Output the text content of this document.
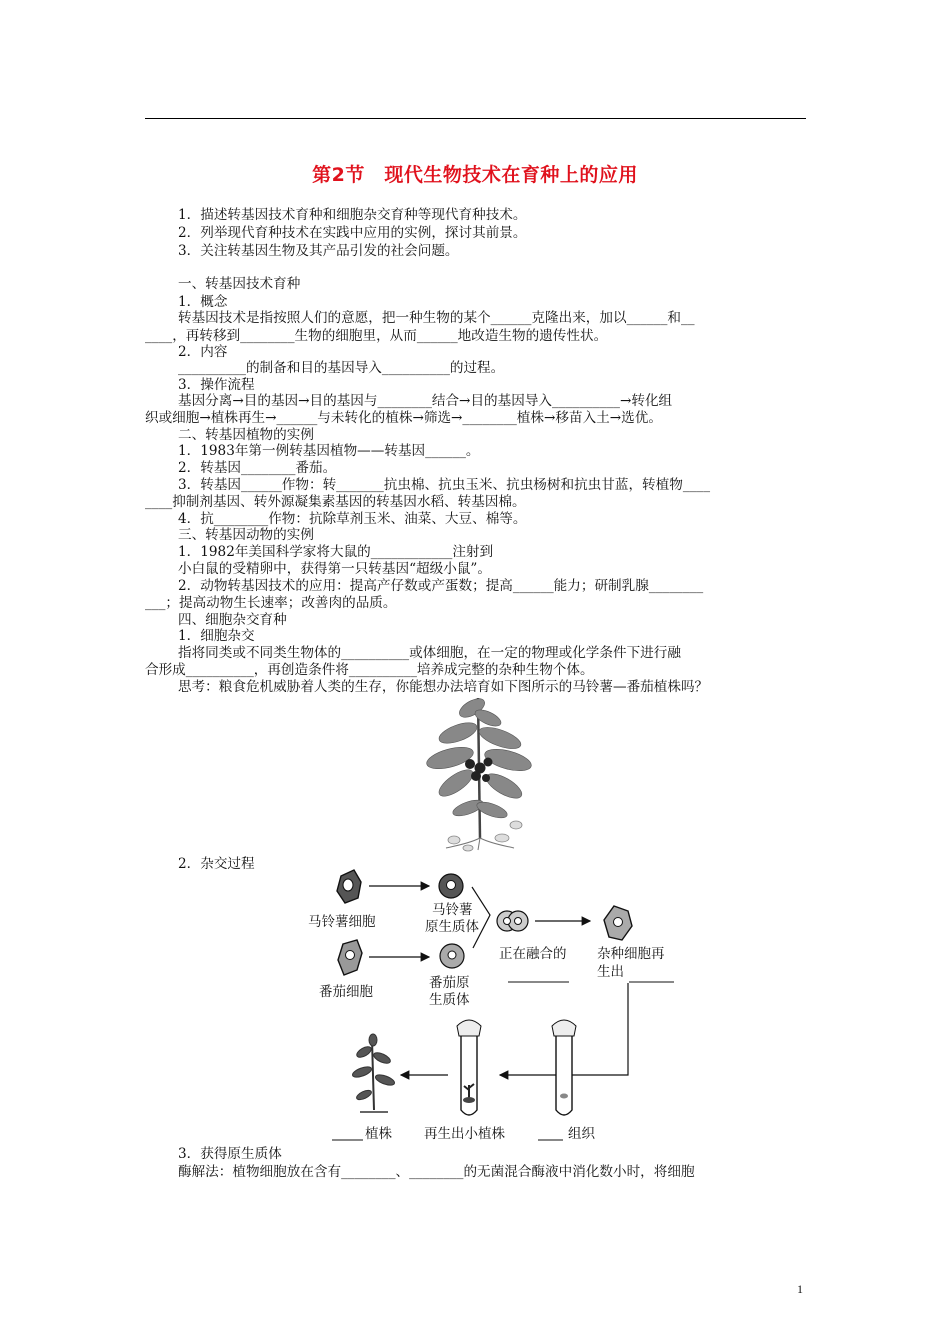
第2节　现代生物技术在育种上的应用
1．描述转基因技术育种和细胞杂交育种等现代育种技术。
2．列举现代育种技术在实践中应用的实例，探讨其前景。
3．关注转基因生物及其产品引发的社会问题。
一、转基因技术育种
1．概念
转基因技术是指按照人们的意愿，把一种生物的某个______克隆出来，加以______和__
____，再转移到________生物的细胞里，从而______地改造生物的遗传性状。
2．内容
__________的制备和目的基因导入__________的过程。
3．操作流程
基因分离→目的基因→目的基因与________结合→目的基因导入__________→转化组
织或细胞→植株再生→______与未转化的植株→筛选→________植株→移苗入土→选优。
二、转基因植物的实例
1．1983年第一例转基因植物——转基因______。
2．转基因________番茄。
3．转基因______作物：转_______抗虫棉、抗虫玉米、抗虫杨树和抗虫甘蓝，转植物____
____抑制剂基因、转外源凝集素基因的转基因水稻、转基因棉。
4．抗________作物：抗除草剂玉米、油菜、大豆、棉等。
三、转基因动物的实例
1．1982年美国科学家将大鼠的____________注射到
小白鼠的受精卵中，获得第一只转基因“超级小鼠”。
2．动物转基因技术的应用：提高产仔数或产蛋数；提高______能力；研制乳腺________
___；提高动物生长速率；改善肉的品质。
四、细胞杂交育种
1．细胞杂交
指将同类或不同类生物体的__________或体细胞，在一定的物理或化学条件下进行融
合形成__________，再创造条件将__________培养成完整的杂种生物个体。
思考：粮食危机威胁着人类的生存，你能想办法培育如下图所示的马铃薯—番茄植株吗？
2．杂交过程
马铃薯细胞
马铃薯
原生质体
番茄细胞
番茄原
生质体
正在融合的 杂种细胞再
生出
植株 再生出小植株	组织
3．获得原生质体
酶解法：植物细胞放在含有________、________的无菌混合酶液中消化数小时，将细胞
1
